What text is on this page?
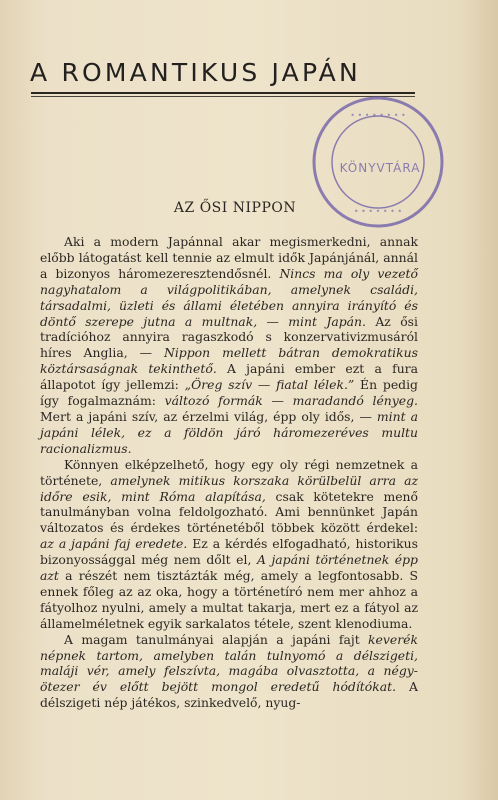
A ROMANTIKUS JAPÁN
• • • • • • • •
• • • • • • •
KÖNYVTÁRA
AZ ŐSI NIPPON

Aki a modern Japánnal akar megismerkedni, annak előbb látogatást kell tennie az elmult idők Japánjánál, annál a bizonyos háromezeresztendősnél. Nincs ma oly vezető nagyhatalom a világpolitikában, amelynek családi, társadalmi, üzleti és állami életében annyira irányító és döntő szerepe jutna a multnak, — mint Japán. Az ősi tradícióhoz annyira ragaszkodó s konzervativizmusáról híres Anglia, — Nippon mellett bátran demokratikus köztársaságnak tekinthető. A japáni ember ezt a fura állapotot így jellemzi: „Öreg szív — fiatal lélek.” Én pedig így fogalmaznám: változó formák — maradandó lényeg. Mert a japáni szív, az érzelmi világ, épp oly idős, — mint a japáni lélek, ez a földön járó háromezeréves multu racionalizmus.

Könnyen elképzelhető, hogy egy oly régi nemzetnek a története, amelynek mitikus korszaka körülbelül arra az időre esik, mint Róma alapítása, csak kötetekre menő tanulmányban volna feldolgozható. Ami bennünket Japán változatos és érdekes történetéből többek között érdekel: az a japáni faj eredete. Ez a kérdés elfogadható, historikus bizonyossággal még nem dőlt el, A japáni történetnek épp azt a részét nem tisztázták még, amely a legfontosabb. S ennek főleg az az oka, hogy a történetíró nem mer ahhoz a fátyolhoz nyulni, amely a multat takarja, mert ez a fátyol az államelméletnek egyik sarkalatos tétele, szent klenodiuma.

A magam tanulmányai alapján a japáni fajt keverék népnek tartom, amelyben talán tulnyomó a délszigeti, maláji vér, amely felszívta, magába olvasztotta, a négy-ötezer év előtt bejött mongol eredetű hódítókat. A délszigeti nép játékos, szinkedvelő, nyug-
